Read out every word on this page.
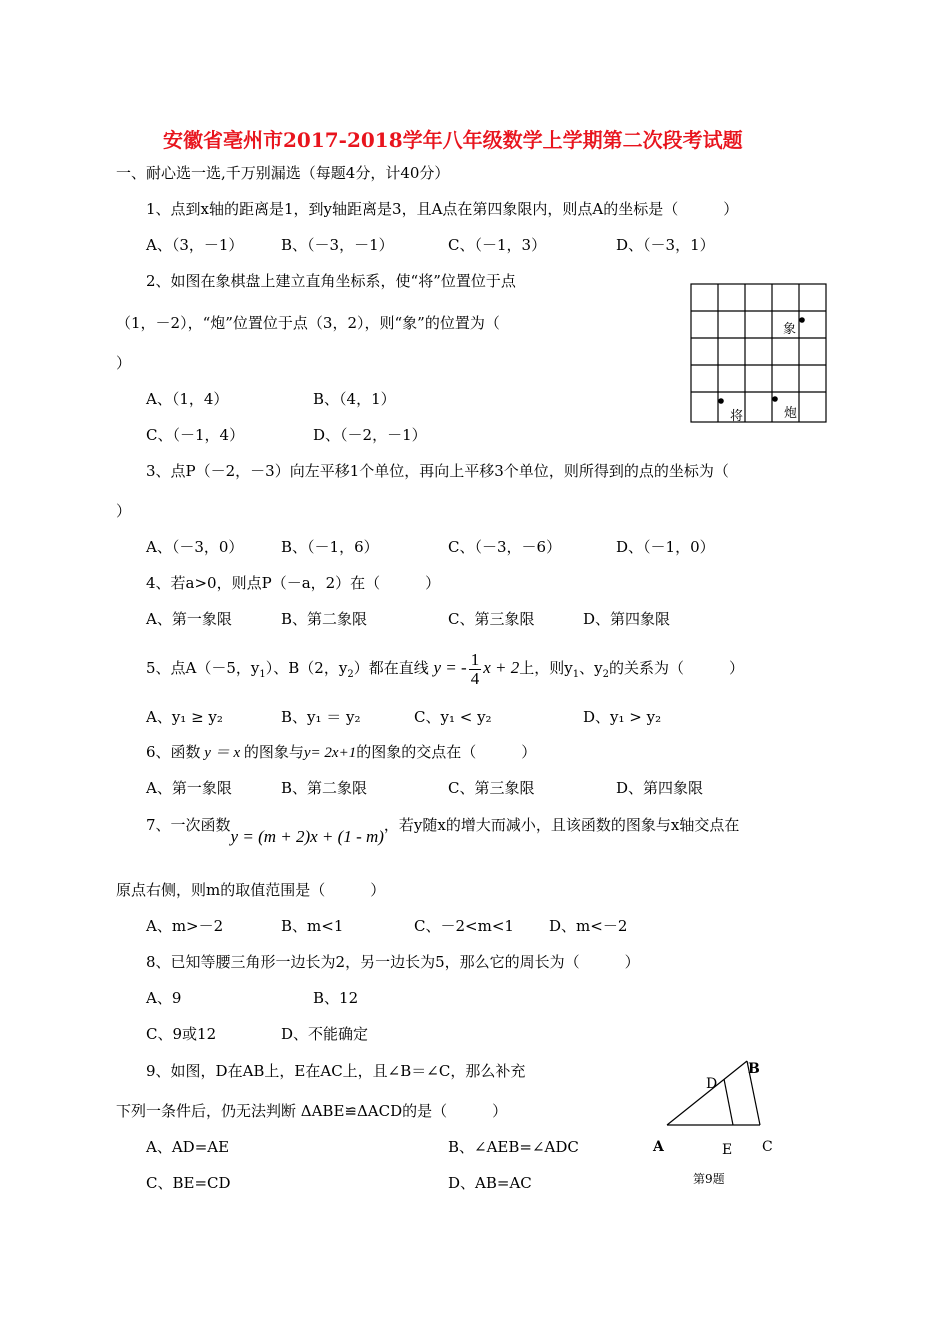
安徽省亳州市2017-2018学年八年级数学上学期第二次段考试题
一、耐心选一选,千万别漏选（每题4分，计40分）
1、点到x轴的距离是1，到y轴距离是3，且A点在第四象限内，则点A的坐标是（　　　）
A、（3，－1）	B、（－3，－1）	C、（－1，3）	D、（－3，1）
2、如图在象棋盘上建立直角坐标系，使“将”位置位于点
（1，－2），“炮”位置位于点（3，2），则“象”的位置为（
）
A、（1，4）	B、（4，1）
C、（－1，4）	D、（－2，－1）
象
将	炮
3、点P（－2，－3）向左平移1个单位，再向上平移3个单位，则所得到的点的坐标为（
）
A、（－3，0）	B、（－1，6）	C、（－3，－6）	D、（－1，0）
4、若a>0，则点P（－a，2）在（　　　）
A、第一象限	B、第二象限	C、第三象限	D、第四象限
5、点A（－5，$y_1$）、B（2，$y_2$）都在直线 y = - $\frac{1}{4}$ x + 2上，则$y_1$、$y_2$的关系为（　　　）
A、y₁ ≥ y₂	B、y₁ ＝ y₂	C、y₁ < y₂	D、y₁ > y₂
6、函数 y ＝ x 的图象与y= 2x+1的图象的交点在（　　　）
A、第一象限	B、第二象限	C、第三象限	D、第四象限
7、一次函数y = (m + 2)x + (1 - m)，若y随x的增大而减小，且该函数的图象与x轴交点在
原点右侧，则m的取值范围是（　　　）
A、m>－2	B、m<1	C、－2<m<1 D、m<－2
8、已知等腰三角形一边长为2，另一边长为5，那么它的周长为（　　　）
A、9	B、12
C、9或12	D、不能确定
9、如图，D在AB上，E在AC上，且∠B＝∠C，那么补充
下列一条件后，仍无法判断 ΔABE≌ΔACD的是（　　　）
A、AD=AE	B、∠AEB=∠ADC
C、BE=CD	D、AB=AC
B
D
A	E C
第9题
